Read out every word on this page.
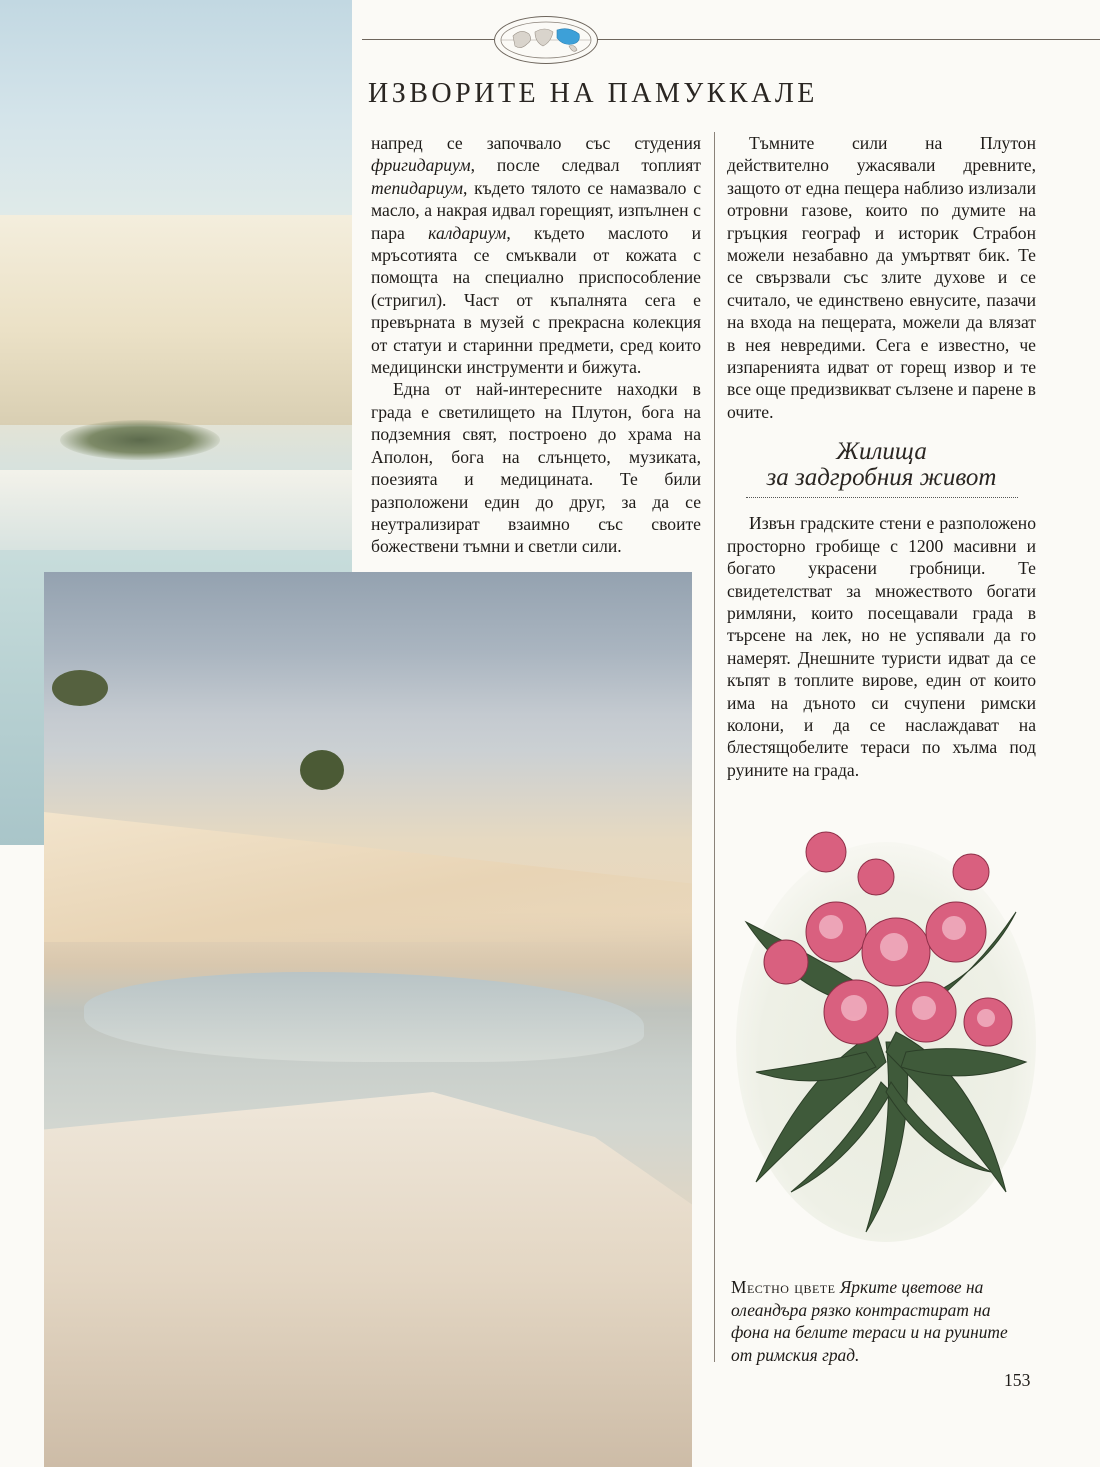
ИЗВОРИТЕ НА ПАМУККАЛЕ

напред се започвало със студения фригидариум, после следвал топлият тепидариум, където тялото се намазвало с масло, а накрая идвал горещият, изпълнен с пара калдариум, където маслото и мръсотията се смъквали от кожата с помощта на специално приспособление (стригил). Част от къпалнята сега е превърната в музей с прекрасна колекция от статуи и старинни предмети, сред които медицински инструменти и бижута.

Една от най-интересните находки в града е светилището на Плутон, бога на подземния свят, построено до храма на Аполон, бога на слънцето, музиката, поезията и медицината. Те били разположени един до друг, за да се неутрализират взаимно със своите божествени тъмни и светли сили.

Тъмните сили на Плутон действително ужасявали древните, защото от една пещера наблизо излизали отровни газове, които по думите на гръцкия географ и историк Страбон можели незабавно да умъртвят бик. Те се свързвали със злите духове и се считало, че единствено евнусите, пазачи на входа на пещерата, можели да влязат в нея невредими. Сега е известно, че изпаренията идват от горещ извор и те все още предизвикват сълзене и парене в очите.

Жилища
за задгробния живот

Извън градските стени е разположено просторно гробище с 1200 масивни и богато украсени гробници. Те свидетелстват за множеството богати римляни, които посещавали града в търсене на лек, но не успявали да го намерят. Днешните туристи идват да се къпят в топлите вирове, един от които има на дъното си счупени римски колони, и да се наслаждават на блестящобелите тераси по хълма под руините на града.

Местно цвете Ярките цветове на олеандъра рязко контрастират на фона на белите тераси и на руините от римския град.

153
